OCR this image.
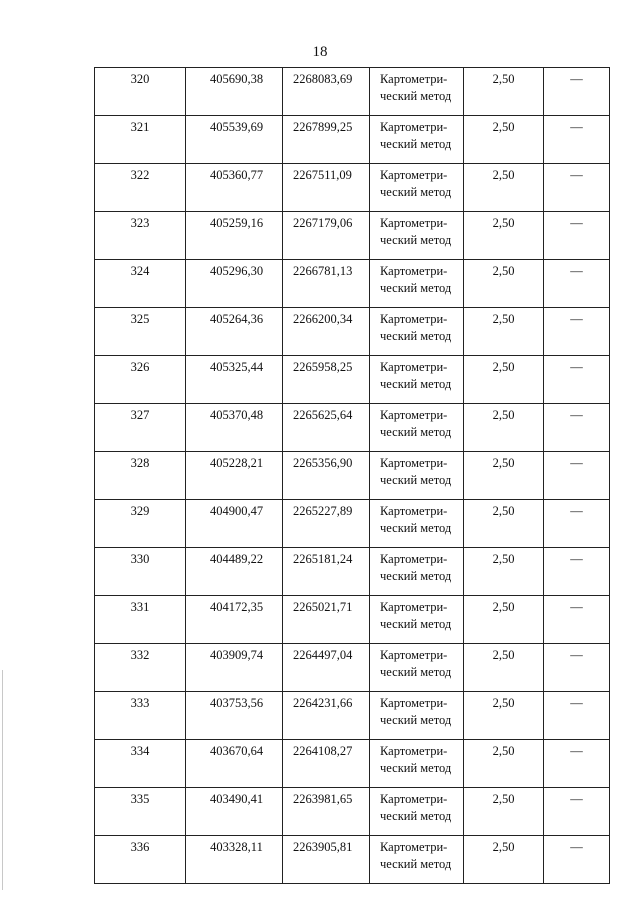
18
320	405690,38	2268083,69	Картометри-
ческий метод	2,50	—
321	405539,69	2267899,25	Картометри-
ческий метод	2,50	—
322	405360,77	2267511,09	Картометри-
ческий метод	2,50	—
323	405259,16	2267179,06	Картометри-
ческий метод	2,50	—
324	405296,30	2266781,13	Картометри-
ческий метод	2,50	—
325	405264,36	2266200,34	Картометри-
ческий метод	2,50	—
326	405325,44	2265958,25	Картометри-
ческий метод	2,50	—
327	405370,48	2265625,64	Картометри-
ческий метод	2,50	—
328	405228,21	2265356,90	Картометри-
ческий метод	2,50	—
329	404900,47	2265227,89	Картометри-
ческий метод	2,50	—
330	404489,22	2265181,24	Картометри-
ческий метод	2,50	—
331	404172,35	2265021,71	Картометри-
ческий метод	2,50	—
332	403909,74	2264497,04	Картометри-
ческий метод	2,50	—
333	403753,56	2264231,66	Картометри-
ческий метод	2,50	—
334	403670,64	2264108,27	Картометри-
ческий метод	2,50	—
335	403490,41	2263981,65	Картометри-
ческий метод	2,50	—
336	403328,11	2263905,81	Картометри-
ческий метод	2,50	—
